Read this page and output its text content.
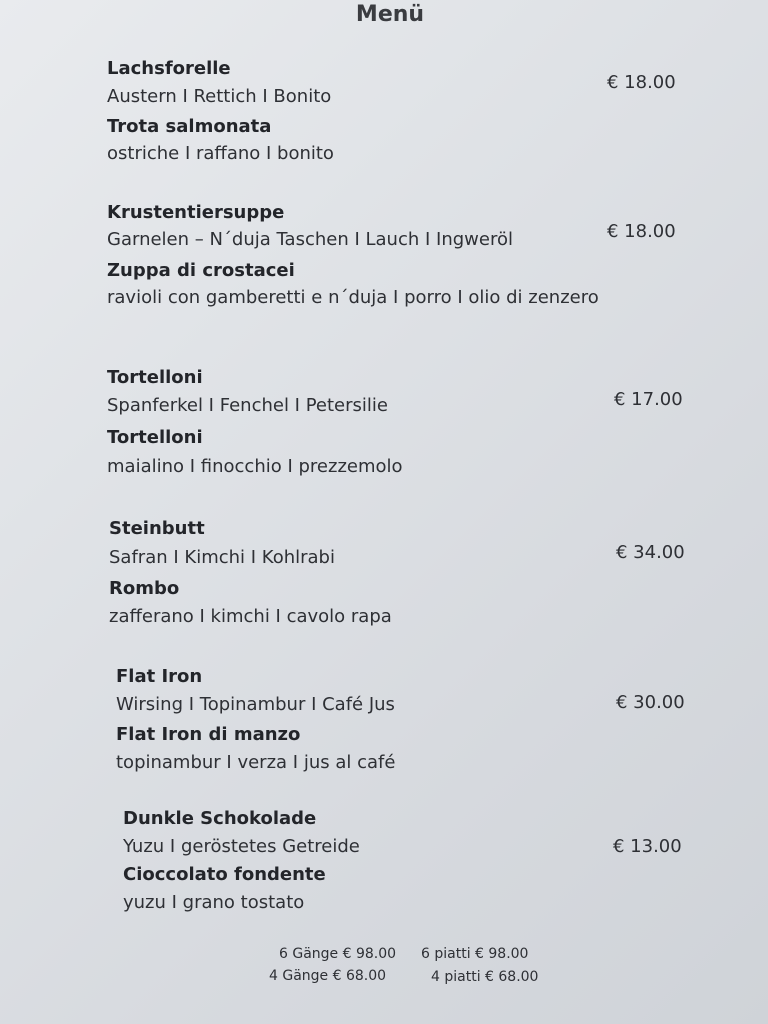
Menü
Lachsforelle
Austern I Rettich I Bonito
Trota salmonata
ostriche I raffano I bonito
€ 18.00
Krustentiersuppe
Garnelen – N´duja Taschen I Lauch I Ingweröl
Zuppa di crostacei
ravioli con gamberetti e n´duja I porro I olio di zenzero
€ 18.00
Tortelloni
Spanferkel I Fenchel I Petersilie
Tortelloni
maialino I finocchio I prezzemolo
€ 17.00
Steinbutt
Safran I Kimchi I Kohlrabi
Rombo
zafferano I kimchi I cavolo rapa
€ 34.00
Flat Iron
Wirsing I Topinambur I Café Jus
Flat Iron di manzo
topinambur I verza I jus al café
€ 30.00
Dunkle Schokolade
Yuzu I geröstetes Getreide
Cioccolato fondente
yuzu I grano tostato
€ 13.00
6 Gänge € 98.00 6 piatti € 98.00
4 Gänge € 68.00	4 piatti € 68.00
